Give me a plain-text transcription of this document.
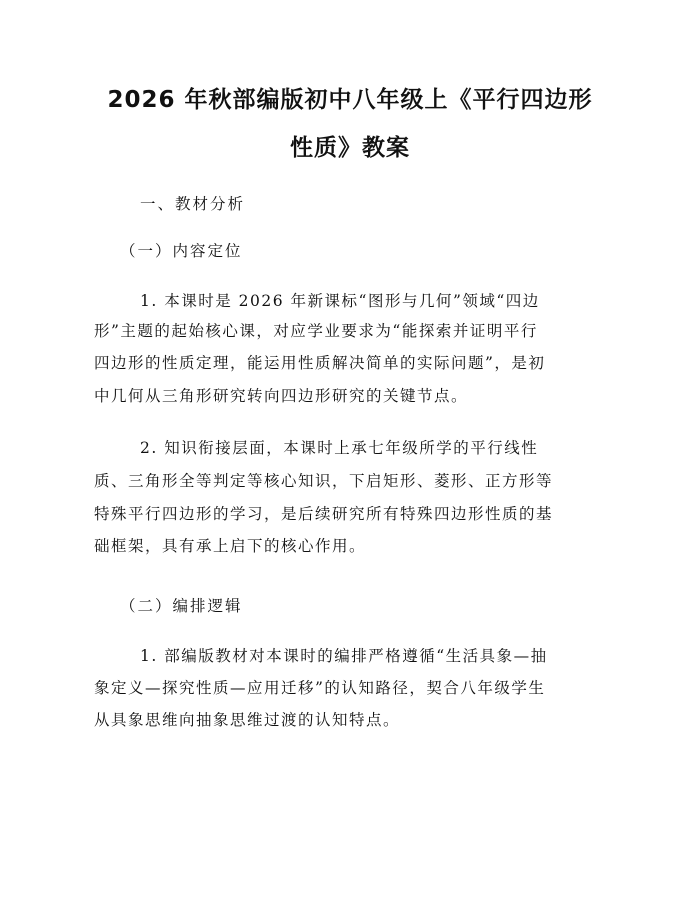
2026 年秋部编版初中八年级上《平行四边形
性质》教案
一、教材分析
（一）内容定位
1. 本课时是 2026 年新课标“图形与几何”领域“四边
形”主题的起始核心课，对应学业要求为“能探索并证明平行
四边形的性质定理，能运用性质解决简单的实际问题”，是初
中几何从三角形研究转向四边形研究的关键节点。
2. 知识衔接层面，本课时上承七年级所学的平行线性
质、三角形全等判定等核心知识，下启矩形、菱形、正方形等
特殊平行四边形的学习，是后续研究所有特殊四边形性质的基
础框架，具有承上启下的核心作用。
（二）编排逻辑
1. 部编版教材对本课时的编排严格遵循“生活具象—抽
象定义—探究性质—应用迁移”的认知路径，契合八年级学生
从具象思维向抽象思维过渡的认知特点。
